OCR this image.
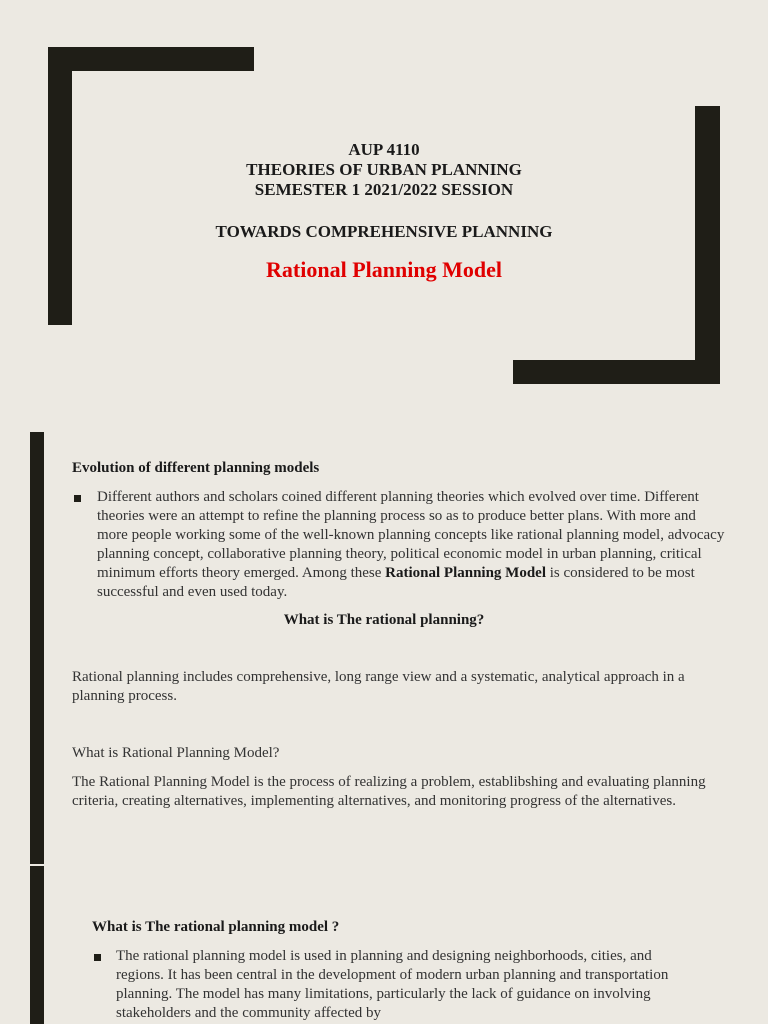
AUP 4110
THEORIES OF URBAN PLANNING
SEMESTER 1 2021/2022 SESSION
TOWARDS COMPREHENSIVE PLANNING
Rational Planning Model
Evolution of different planning models
Different authors and scholars coined different planning theories which evolved over time. Different theories were an attempt to refine the planning process so as to produce better plans. With more and more people working some of the well-known planning concepts like rational planning model, advocacy planning concept, collaborative planning theory, political economic model in urban planning, critical minimum efforts theory emerged. Among these Rational Planning Model is considered to be most successful and even used today.
What is The rational planning?
Rational planning includes comprehensive, long range view and a systematic, analytical approach in a planning process.
What is Rational Planning Model?
The Rational Planning Model is the process of realizing a problem, establibshing and evaluating planning criteria, creating alternatives, implementing alternatives, and monitoring progress of the alternatives.
What is The rational planning model ?
The rational planning model is used in planning and designing neighborhoods, cities, and regions. It has been central in the development of modern urban planning and transportation planning. The model has many limitations, particularly the lack of guidance on involving stakeholders and the community affected by
